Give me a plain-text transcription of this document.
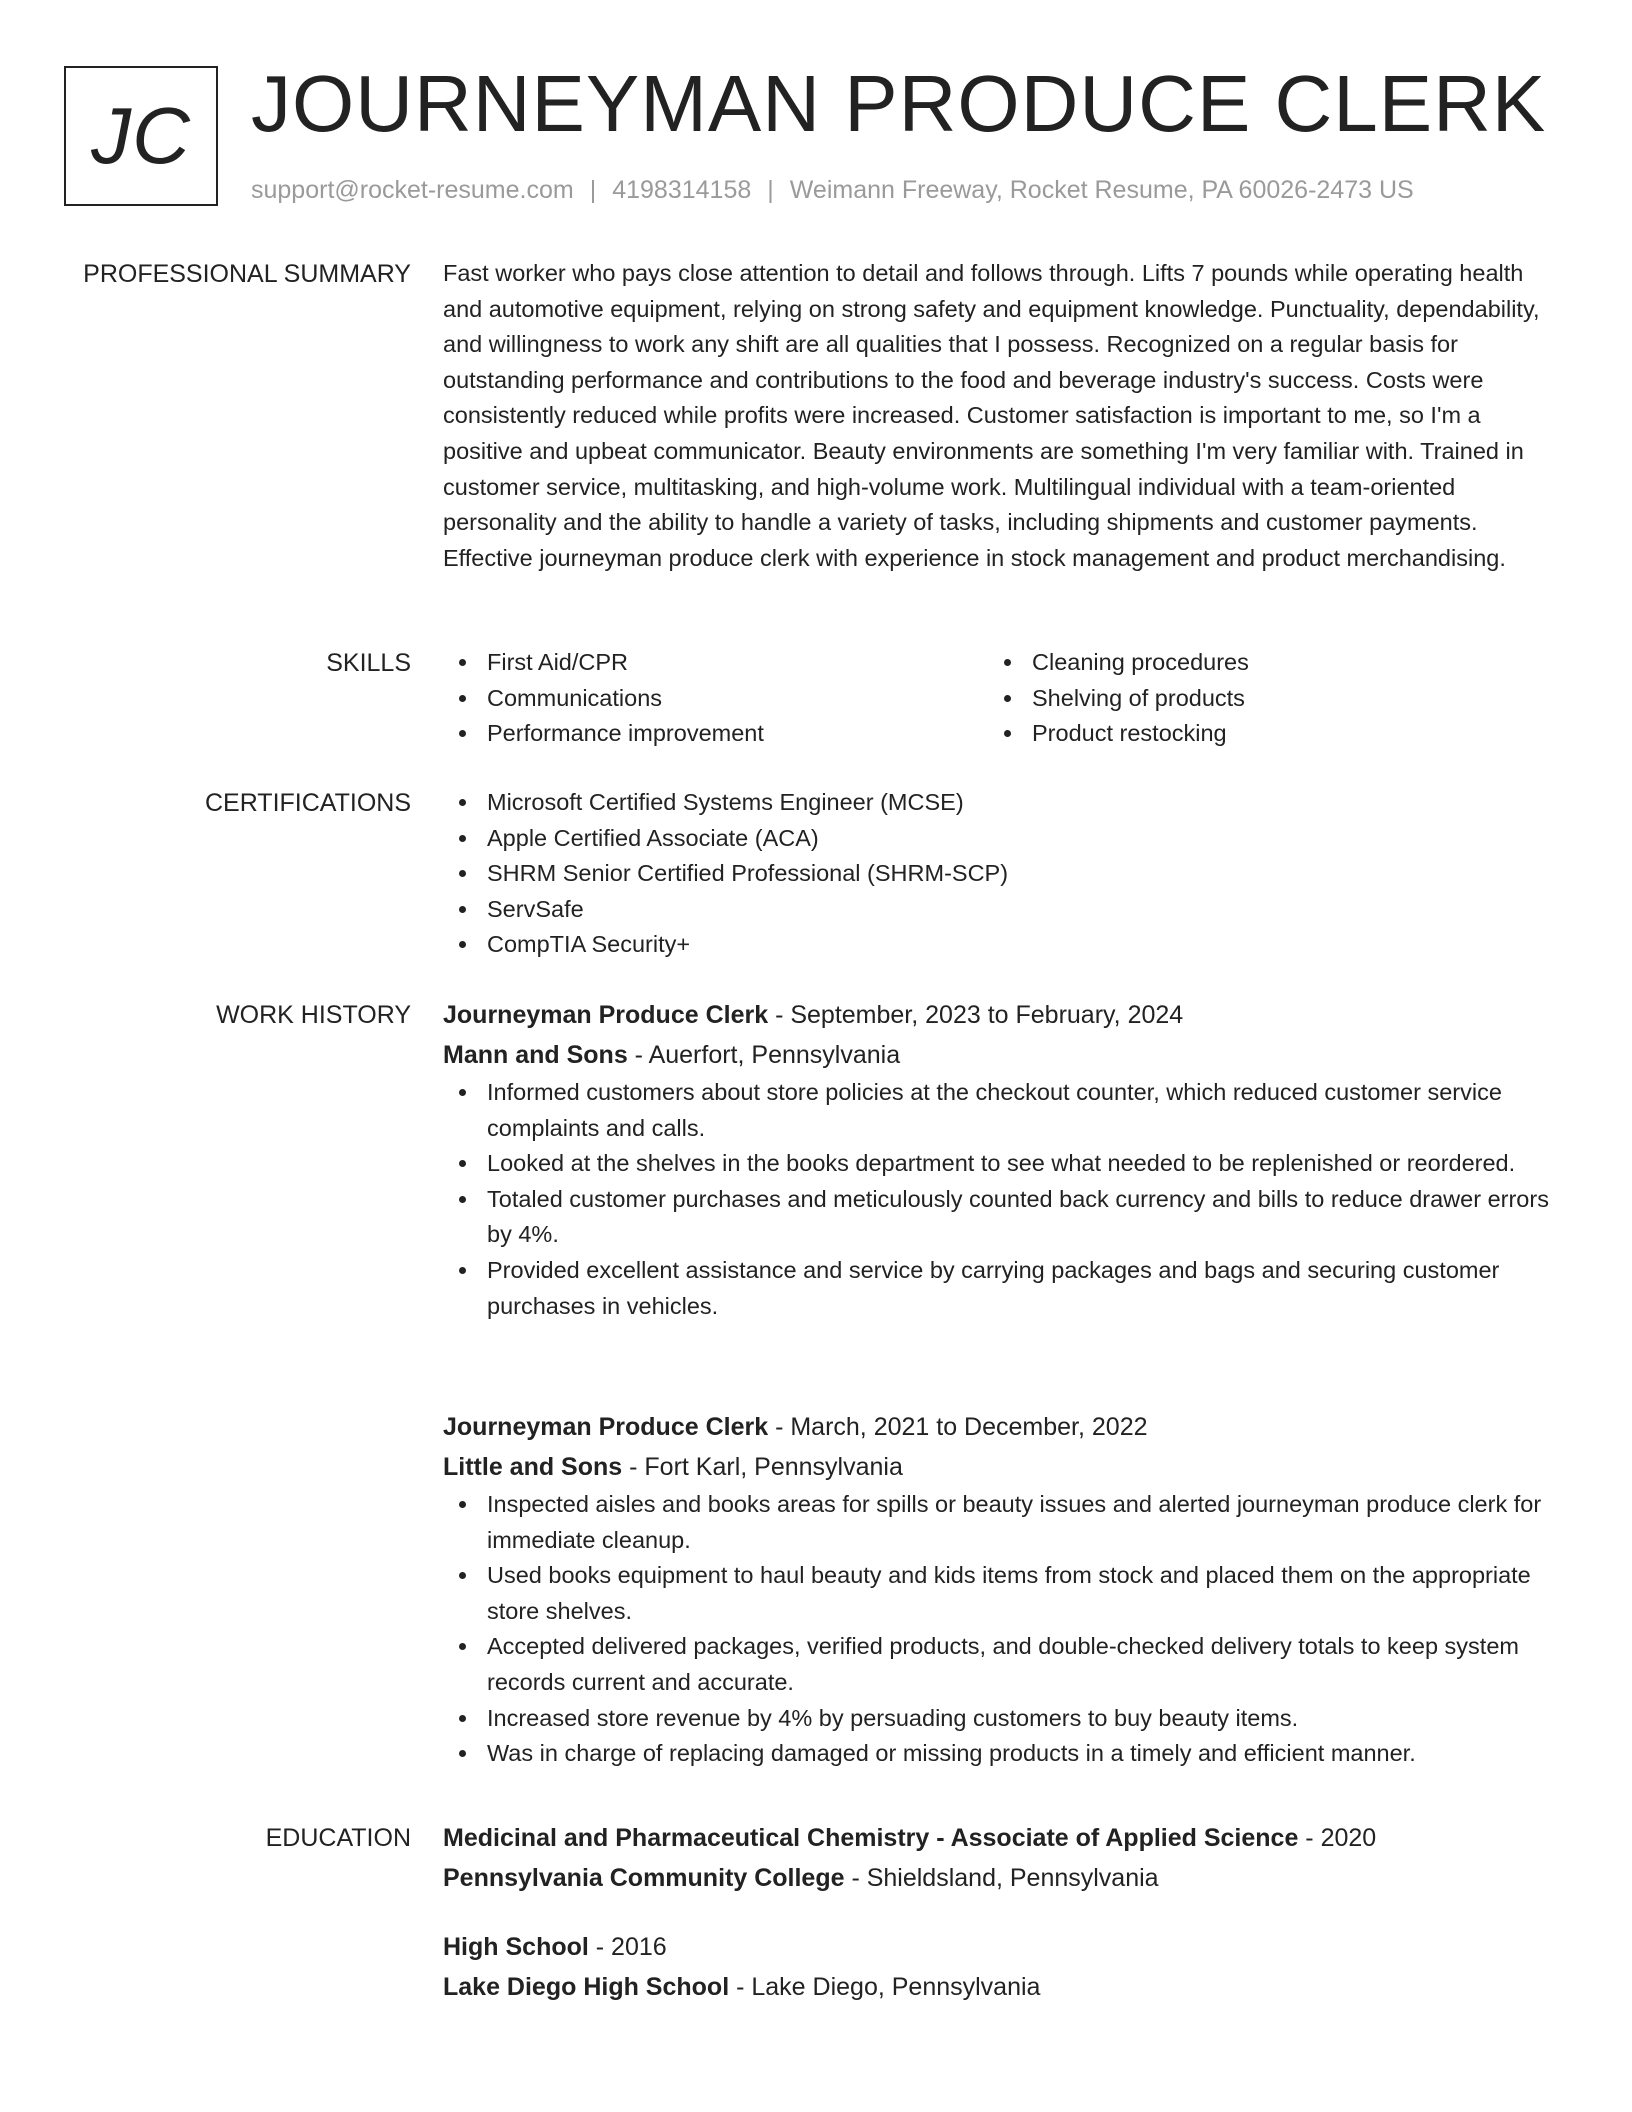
JC JOURNEYMAN PRODUCE CLERK
support@rocket-resume.com | 4198314158 | Weimann Freeway, Rocket Resume, PA 60026-2473 US
PROFESSIONAL SUMMARY Fast worker who pays close attention to detail and follows through. Lifts 7 pounds while operating health and automotive equipment, relying on strong safety and equipment knowledge. Punctuality, dependability, and willingness to work any shift are all qualities that I possess. Recognized on a regular basis for outstanding performance and contributions to the food and beverage industry's success. Costs were consistently reduced while profits were increased. Customer satisfaction is important to me, so I'm a positive and upbeat communicator. Beauty environments are something I'm very familiar with. Trained in customer service, multitasking, and high-volume work. Multilingual individual with a team-oriented personality and the ability to handle a variety of tasks, including shipments and customer payments. Effective journeyman produce clerk with experience in stock management and product merchandising.

SKILLS	First Aid/CPR
Communications
Performance improvement
Cleaning procedures
Shelving of products
Product restocking
CERTIFICATIONS	Microsoft Certified Systems Engineer (MCSE)
Apple Certified Associate (ACA)
SHRM Senior Certified Professional (SHRM-SCP)
ServSafe
CompTIA Security+
WORK HISTORY Journeyman Produce Clerk - September, 2023 to February, 2024
Mann and Sons - Auerfort, Pennsylvania
Informed customers about store policies at the checkout counter, which reduced customer service complaints and calls.
Looked at the shelves in the books department to see what needed to be replenished or reordered.
Totaled customer purchases and meticulously counted back currency and bills to reduce drawer errors by 4%.
Provided excellent assistance and service by carrying packages and bags and securing customer purchases in vehicles.
Journeyman Produce Clerk - March, 2021 to December, 2022
Little and Sons - Fort Karl, Pennsylvania
Inspected aisles and books areas for spills or beauty issues and alerted journeyman produce clerk for immediate cleanup.
Used books equipment to haul beauty and kids items from stock and placed them on the appropriate store shelves.
Accepted delivered packages, verified products, and double-checked delivery totals to keep system records current and accurate.
Increased store revenue by 4% by persuading customers to buy beauty items.
Was in charge of replacing damaged or missing products in a timely and efficient manner.
EDUCATION Medicinal and Pharmaceutical Chemistry - Associate of Applied Science - 2020
Pennsylvania Community College - Shieldsland, Pennsylvania
High School - 2016
Lake Diego High School - Lake Diego, Pennsylvania
